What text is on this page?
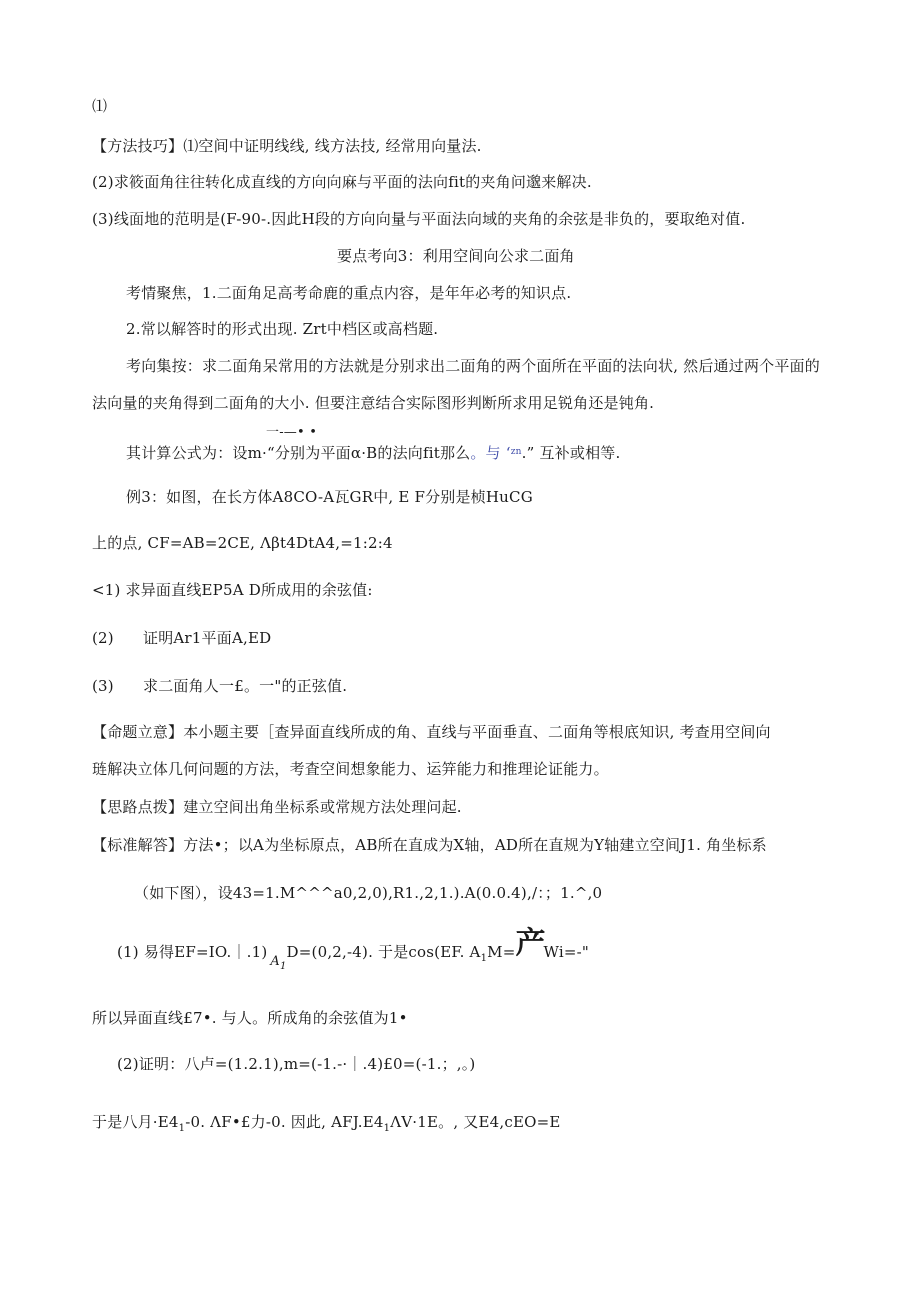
⑴
【方法技巧】⑴空间中证明线线, 线方法技, 经常用向量法.
(2)求筱面角往往转化成直线的方向向麻与平面的法向fit的夹角问邈来解决.
(3)线面地的范明是(F-90-.因此H段的方向向量与平面法向域的夹角的余弦是非负的，要取绝对值.
要点考向3：利用空间向公求二面角
考情聚焦，1.二面角足高考命鹿的重点内容，是年年必考的知识点.
2.常以解答时的形式出现. Zrt中档区或高档题.
考向集按：求二面角呆常用的方法就是分别求出二面角的两个面所在平面的法向状, 然后通过两个平面的
法向量的夹角得到二面角的大小. 但要注意结合实际图形判断所求用足锐角还是钝角.
一-—• •
其计算公式为：设m·“分别为平面α·B的法向fit那么。与 ‘$^{zn}$.” 互补或相等.
例3：如图，在长方体A8CO-A瓦GR中, E F分别是桢HuCG
上的点, CF=AB=2CE, Λβt4DtA4,=1:2:4
<1) 求异面直线EP5A D所成用的余弦值:
(2) 证明Ar1平面A,ED
(3) 求二面角人一£。一"的正弦值.
【命题立意】本小题主要［查异面直线所成的角、直线与平面垂直、二面角等根底知识, 考查用空间向
琏解决立体几何问题的方法，考査空间想象能力、运笄能力和推理论证能力。
【思路点拨】建立空间出角坐标系或常规方法处理问起.
【标准解答】方法•；以A为坐标原点，AB所在直成为X轴，AD所在直规为Y轴建立空间J1. 角坐标系
（如下图），设43=1.M^^^a0,2,0),R1.,2,1.).A(0.0.4),/：；1.^,0
(1) 易得EF=IO.｜.1) $A_1D=(0,2,-4)$. 于是cos(EF. $A_1M=$产Wi=-"
所以异面直线£7•. 与人。所成角的余弦值为1•
(2)证明：八卢=(1.2.1),m=(-1.-·｜.4)£0=(-1.；,。)
于是八月$\cdot E4_1-0$. ΛF•£力-0. 因此, $AFJ.E4_1\Lambda V\cdot 1E$。, 又E4,cEO=E
